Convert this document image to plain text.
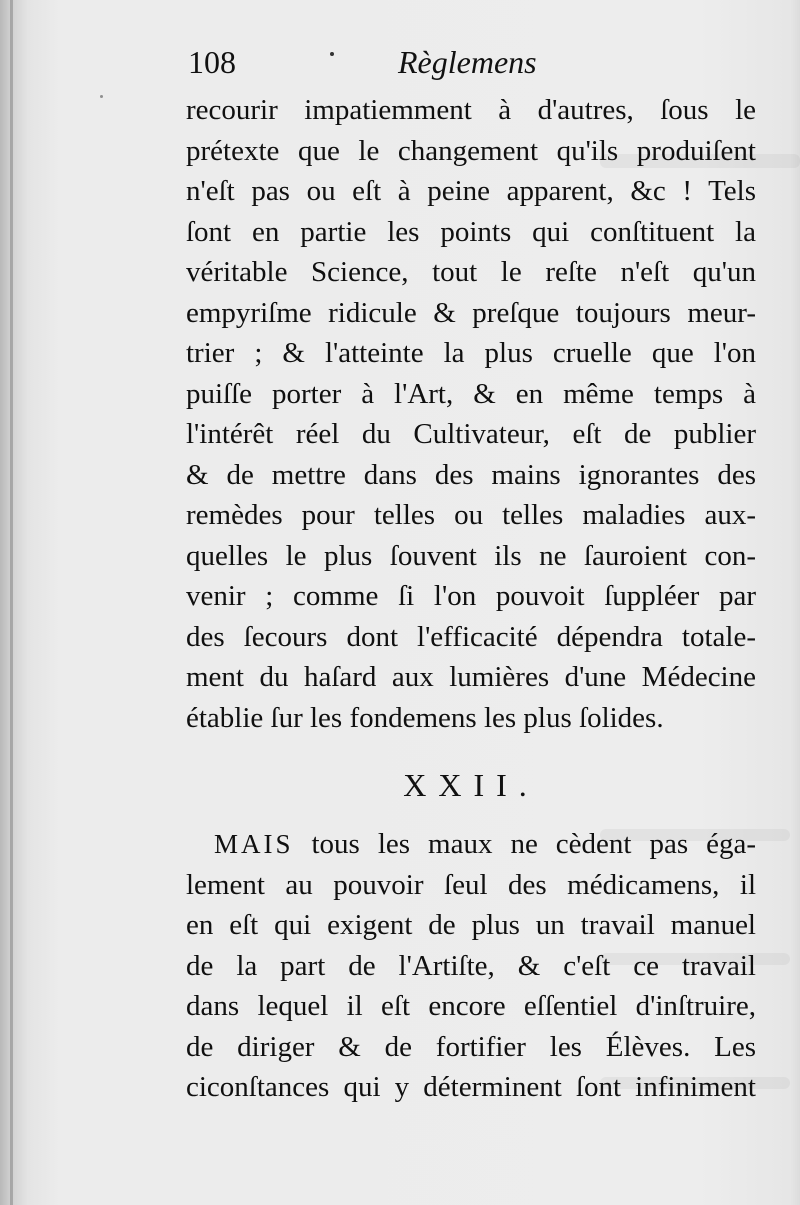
108	Règlemens
recourir impatiemment à d'autres, ſous le
prétexte que le changement qu'ils produiſent
n'eſt pas ou eſt à peine apparent, &c ! Tels
ſont en partie les points qui conſtituent la
véritable Science, tout le reſte n'eſt qu'un
empyriſme ridicule & preſque toujours meur-
trier ; & l'atteinte la plus cruelle que l'on
puiſſe porter à l'Art, & en même temps à
l'intérêt réel du Cultivateur, eſt de publier
& de mettre dans des mains ignorantes des
remèdes pour telles ou telles maladies aux-
quelles le plus ſouvent ils ne ſauroient con-
venir ; comme ſi l'on pouvoit ſuppléer par
des ſecours dont l'efficacité dépendra totale-
ment du haſard aux lumières d'une Médecine
établie ſur les fondemens les plus ſolides.
XXII.
MAIS tous les maux ne cèdent pas éga-
lement au pouvoir ſeul des médicamens, il
en eſt qui exigent de plus un travail manuel
de la part de l'Artiſte, & c'eſt ce travail
dans lequel il eſt encore eſſentiel d'inſtruire,
de diriger & de fortifier les Élèves. Les
ciconſtances qui y déterminent ſont infiniment
